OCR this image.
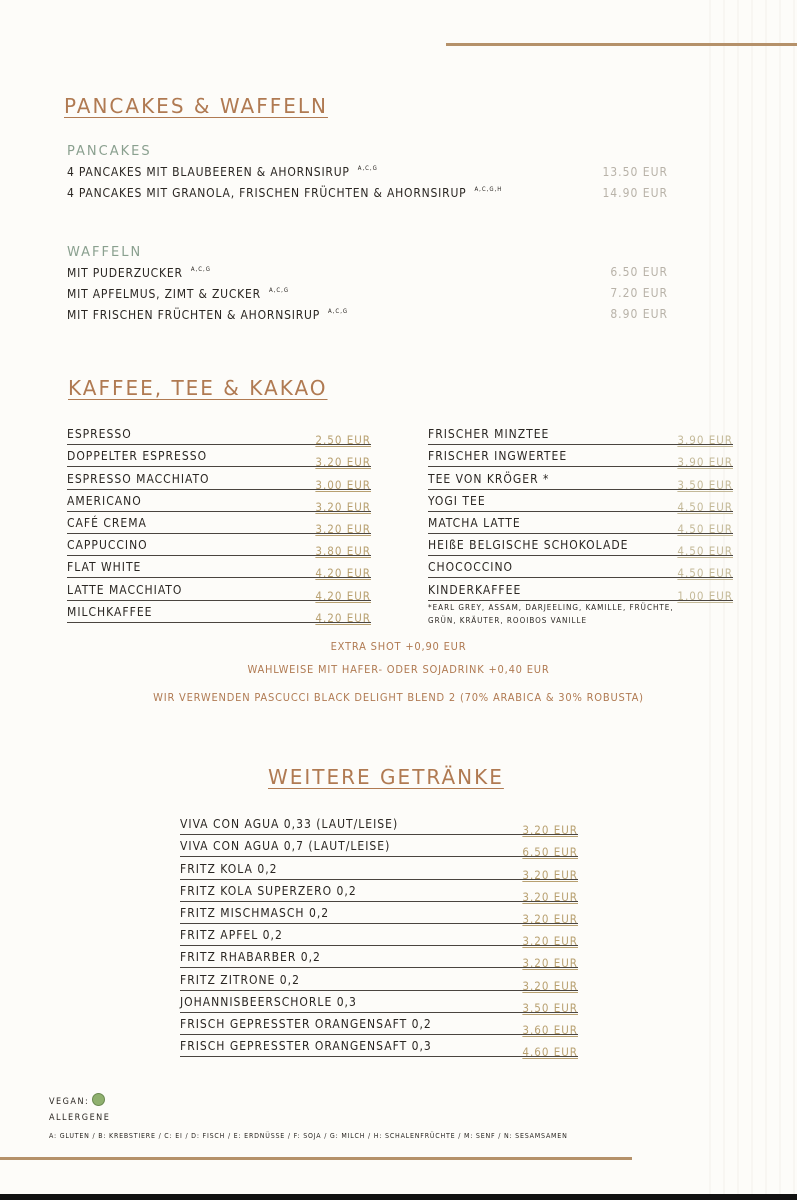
PANCAKES & WAFFELN
PANCAKES
4 PANCAKES MIT BLAUBEEREN & AHORNSIRUP $^{A,C,G}$	13.50 EUR
4 PANCAKES MIT GRANOLA, FRISCHEN FRÜCHTEN & AHORNSIRUP $^{A,C,G,H}$	14.90 EUR
WAFFELN
MIT PUDERZUCKER $^{A,C,G}$	6.50 EUR
MIT APFELMUS, ZIMT & ZUCKER $^{A,C,G}$	7.20 EUR
MIT FRISCHEN FRÜCHTEN & AHORNSIRUP $^{A,C,G}$	8.90 EUR
KAFFEE, TEE & KAKAO
ESPRESSO	2.50 EUR
DOPPELTER ESPRESSO	3.20 EUR
ESPRESSO MACCHIATO	3.00 EUR
AMERICANO	3.20 EUR
CAFÉ CREMA	3.20 EUR
CAPPUCCINO	3.80 EUR
FLAT WHITE	4.20 EUR
LATTE MACCHIATO	4.20 EUR
MILCHKAFFEE	4.20 EUR
FRISCHER MINZTEE	3.90 EUR
FRISCHER INGWERTEE	3.90 EUR
TEE VON KRÖGER *	3.50 EUR
YOGI TEE	4.50 EUR
MATCHA LATTE	4.50 EUR
HEIßE BELGISCHE SCHOKOLADE	4.50 EUR
CHOCOCCINO	4.50 EUR
KINDERKAFFEE	1.00 EUR
*EARL GREY, ASSAM, DARJEELING, KAMILLE, FRÜCHTE,
GRÜN, KRÄUTER, ROOIBOS VANILLE
EXTRA SHOT +0,90 EUR
WAHLWEISE MIT HAFER- ODER SOJADRINK +0,40 EUR
WIR VERWENDEN PASCUCCI BLACK DELIGHT BLEND 2 (70% ARABICA & 30% ROBUSTA)
WEITERE GETRÄNKE
VIVA CON AGUA 0,33 (LAUT/LEISE)	3.20 EUR
VIVA CON AGUA 0,7 (LAUT/LEISE)	6.50 EUR
FRITZ KOLA 0,2	3.20 EUR
FRITZ KOLA SUPERZERO 0,2	3.20 EUR
FRITZ MISCHMASCH 0,2	3.20 EUR
FRITZ APFEL 0,2	3.20 EUR
FRITZ RHABARBER 0,2	3.20 EUR
FRITZ ZITRONE 0,2	3.20 EUR
JOHANNISBEERSCHORLE 0,3	3.50 EUR
FRISCH GEPRESSTER ORANGENSAFT 0,2	3.60 EUR
FRISCH GEPRESSTER ORANGENSAFT 0,3	4.60 EUR
VEGAN:
ALLERGENE
A: GLUTEN / B: KREBSTIERE / C: EI / D: FISCH / E: ERDNÜSSE / F: SOJA / G: MILCH / H: SCHALENFRÜCHTE / M: SENF / N: SESAMSAMEN
